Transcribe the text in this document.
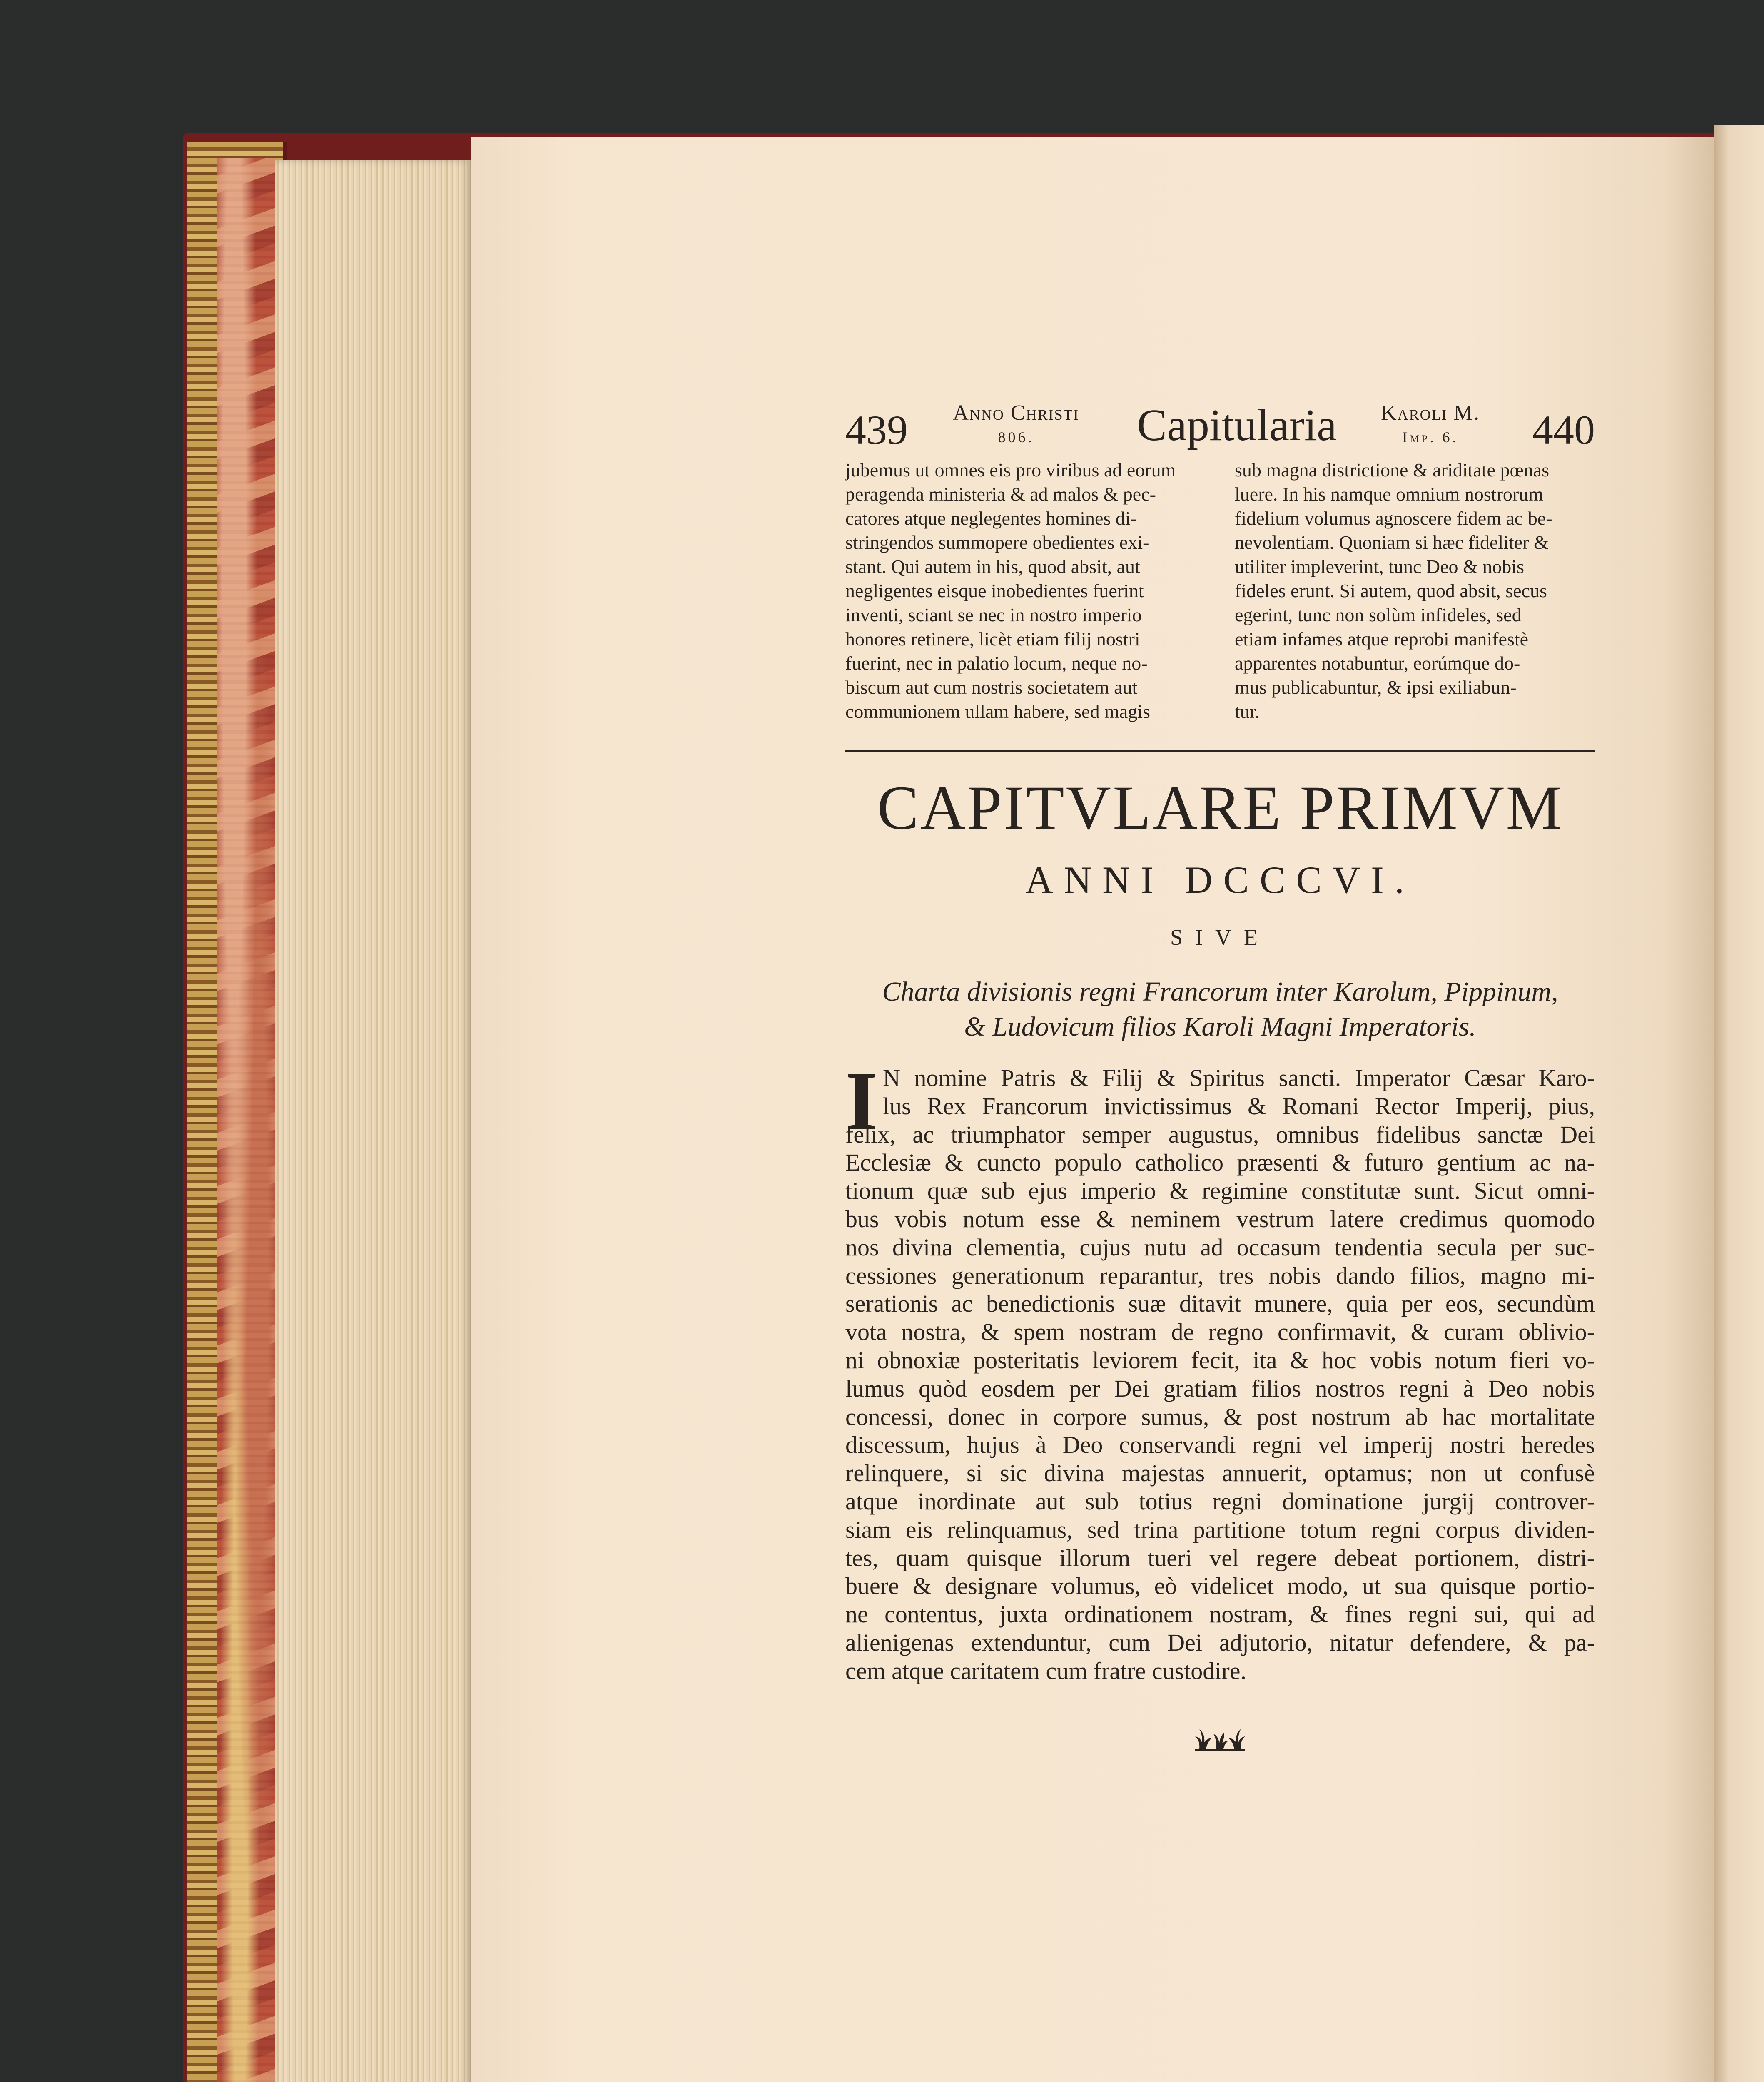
439	Anno Christi
806.	Capitularia	Karoli M.
Imp. 6.	440
jubemus ut omnes eis pro viribus ad eorum
peragenda ministeria & ad malos & pec-
catores atque neglegentes homines di-
stringendos summopere obedientes exi-
stant. Qui autem in his, quod absit, aut
negligentes eisque inobedientes fuerint
inventi, sciant se nec in nostro imperio
honores retinere, licèt etiam filij nostri
fuerint, nec in palatio locum, neque no-
biscum aut cum nostris societatem aut
communionem ullam habere, sed magis
sub magna districtione & ariditate pœnas
luere. In his namque omnium nostrorum
fidelium volumus agnoscere fidem ac be-
nevolentiam. Quoniam si hæc fideliter &
utiliter impleverint, tunc Deo & nobis
fideles erunt. Si autem, quod absit, secus
egerint, tunc non solùm infideles, sed
etiam infames atque reprobi manifestè
apparentes notabuntur, eorúmque do-
mus publicabuntur, & ipsi exiliabun-
tur.
CAPITVLARE PRIMVM
ANNI DCCCVI.
SIVE
Charta divisionis regni Francorum inter Karolum, Pippinum,
& Ludovicum filios Karoli Magni Imperatoris.
I N nomine Patris & Filij & Spiritus sancti. Imperator Cæsar Karo-
lus Rex Francorum invictissimus & Romani Rector Imperij, pius,
felix, ac triumphator semper augustus, omnibus fidelibus sanctæ Dei
Ecclesiæ & cuncto populo catholico præsenti & futuro gentium ac na-
tionum quæ sub ejus imperio & regimine constitutæ sunt. Sicut omni-
bus vobis notum esse & neminem vestrum latere credimus quomodo
nos divina clementia, cujus nutu ad occasum tendentia secula per suc-
cessiones generationum reparantur, tres nobis dando filios, magno mi-
serationis ac benedictionis suæ ditavit munere, quia per eos, secundùm
vota nostra, & spem nostram de regno confirmavit, & curam oblivio-
ni obnoxiæ posteritatis leviorem fecit, ita & hoc vobis notum fieri vo-
lumus quòd eosdem per Dei gratiam filios nostros regni à Deo nobis
concessi, donec in corpore sumus, & post nostrum ab hac mortalitate
discessum, hujus à Deo conservandi regni vel imperij nostri heredes
relinquere, si sic divina majestas annuerit, optamus; non ut confusè
atque inordinate aut sub totius regni dominatione jurgij controver-
siam eis relinquamus, sed trina partitione totum regni corpus dividen-
tes, quam quisque illorum tueri vel regere debeat portionem, distri-
buere & designare volumus, eò videlicet modo, ut sua quisque portio-
ne contentus, juxta ordinationem nostram, & fines regni sui, qui ad
alienigenas extenduntur, cum Dei adjutorio, nitatur defendere, & pa-
cem atque caritatem cum fratre custodire.
